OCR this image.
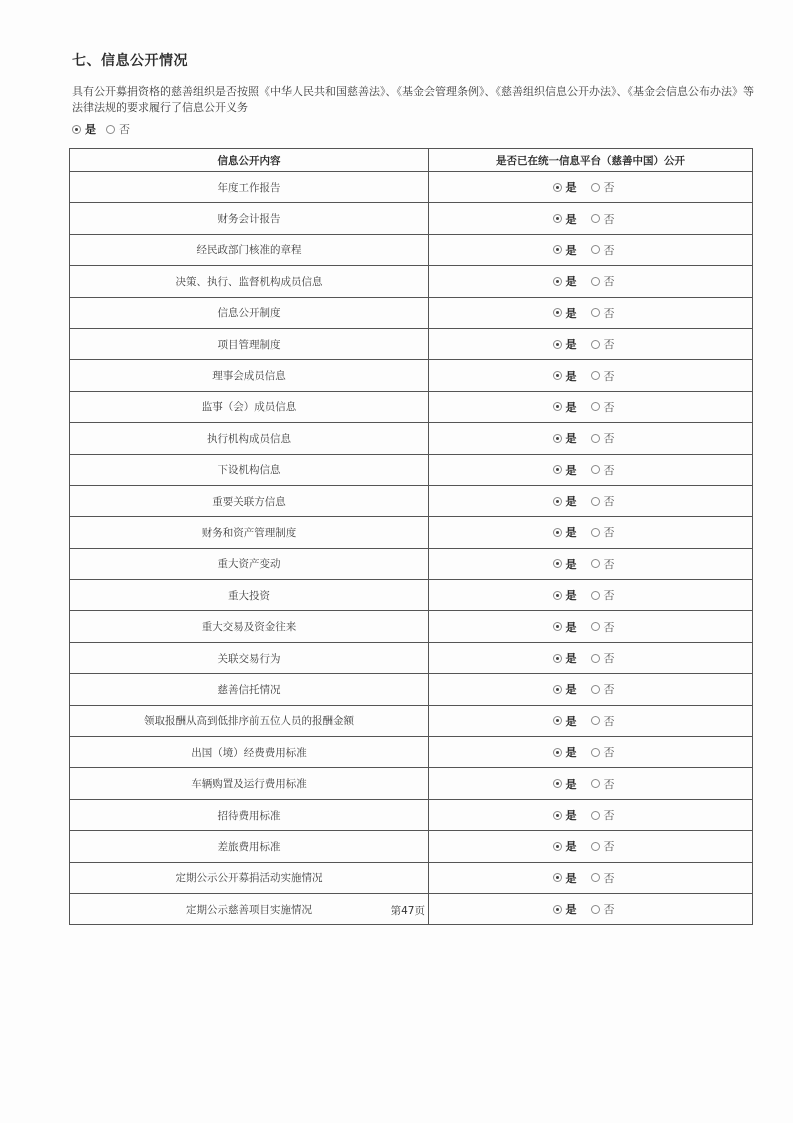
七、信息公开情况
具有公开募捐资格的慈善组织是否按照《中华人民共和国慈善法》、《基金会管理条例》、《慈善组织信息公开办法》、《基金会信息公布办法》等法律法规的要求履行了信息公开义务
是 否
信息公开内容	是否已在统一信息平台（慈善中国）公开
年度工作报告	是 否

财务会计报告	是 否

经民政部门核准的章程	是 否

决策、执行、监督机构成员信息	是 否

信息公开制度	是 否

项目管理制度	是 否

理事会成员信息	是 否

监事（会）成员信息	是 否

执行机构成员信息	是 否

下设机构信息	是 否

重要关联方信息	是 否

财务和资产管理制度	是 否

重大资产变动	是 否

重大投资	是 否

重大交易及资金往来	是 否

关联交易行为	是 否

慈善信托情况	是 否

领取报酬从高到低排序前五位人员的报酬金额	是 否

出国（境）经费费用标准	是 否

车辆购置及运行费用标准	是 否

招待费用标准	是 否

差旅费用标准	是 否

定期公示公开募捐活动实施情况	是 否

定期公示慈善项目实施情况 第47页	是 否
